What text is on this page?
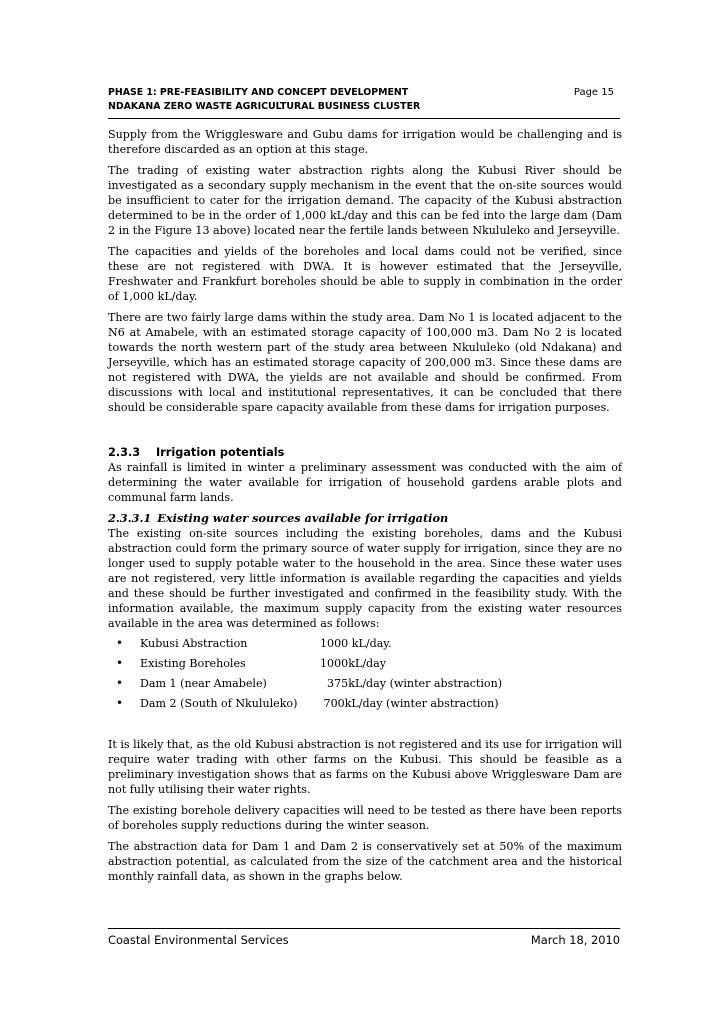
PHASE 1: PRE-FEASIBILITY AND CONCEPT DEVELOPMENT	Page 15
NDAKANA ZERO WASTE AGRICULTURAL BUSINESS CLUSTER

Supply from the Wrigglesware and Gubu dams for irrigation would be challenging and is therefore discarded as an option at this stage.

The trading of existing water abstraction rights along the Kubusi River should be investigated as a secondary supply mechanism in the event that the on-site sources would be insufficient to cater for the irrigation demand. The capacity of the Kubusi abstraction determined to be in the order of 1,000 kL/day and this can be fed into the large dam (Dam 2 in the Figure 13 above) located near the fertile lands between Nkululeko and Jerseyville.

The capacities and yields of the boreholes and local dams could not be verified, since these are not registered with DWA. It is however estimated that the Jerseyville, Freshwater and Frankfurt boreholes should be able to supply in combination in the order of 1,000 kL/day.

There are two fairly large dams within the study area. Dam No 1 is located adjacent to the N6 at Amabele, with an estimated storage capacity of 100,000 m3. Dam No 2 is located towards the north western part of the study area between Nkululeko (old Ndakana) and Jerseyville, which has an estimated storage capacity of 200,000 m3. Since these dams are not registered with DWA, the yields are not available and should be confirmed. From discussions with local and institutional representatives, it can be concluded that there should be considerable spare capacity available from these dams for irrigation purposes.

2.3.3 Irrigation potentials

As rainfall is limited in winter a preliminary assessment was conducted with the aim of determining the water available for irrigation of household gardens arable plots and communal farm lands.

2.3.3.1 Existing water sources available for irrigation

The existing on-site sources including the existing boreholes, dams and the Kubusi abstraction could form the primary source of water supply for irrigation, since they are no longer used to supply potable water to the household in the area. Since these water uses are not registered, very little information is available regarding the capacities and yields and these should be further investigated and confirmed in the feasibility study. With the information available, the maximum supply capacity from the existing water resources available in the area was determined as follows:

•	Kubusi Abstraction	1000 kL/day.
•	Existing Boreholes	1000kL/day
•	Dam 1 (near Amabele)	375kL/day (winter abstraction)
•	Dam 2 (South of Nkululeko)	700kL/day (winter abstraction)

It is likely that, as the old Kubusi abstraction is not registered and its use for irrigation will require water trading with other farms on the Kubusi. This should be feasible as a preliminary investigation shows that as farms on the Kubusi above Wrigglesware Dam are not fully utilising their water rights.

The existing borehole delivery capacities will need to be tested as there have been reports of boreholes supply reductions during the winter season.

The abstraction data for Dam 1 and Dam 2 is conservatively set at 50% of the maximum abstraction potential, as calculated from the size of the catchment area and the historical monthly rainfall data, as shown in the graphs below.

Coastal Environmental Services	March 18, 2010
